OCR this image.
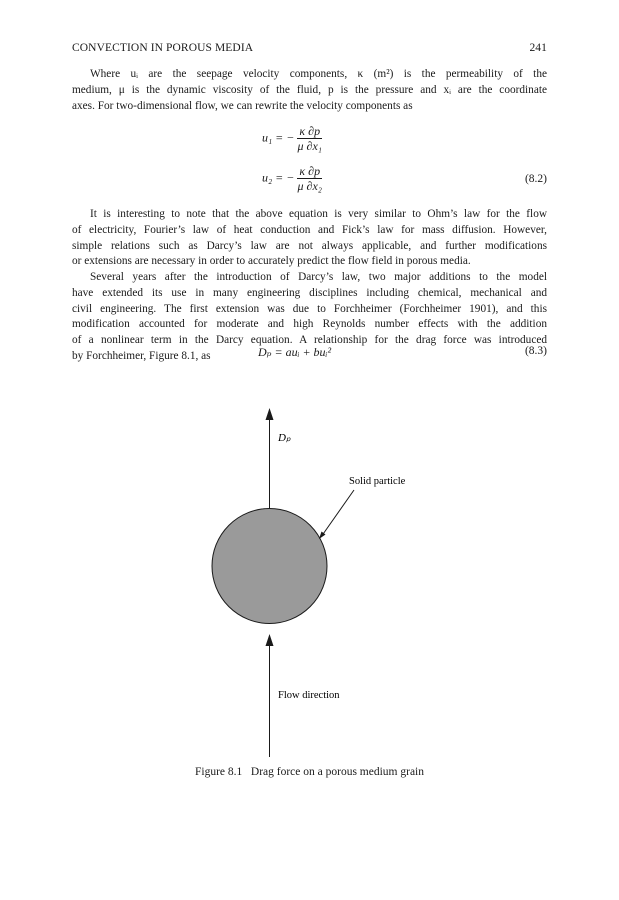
CONVECTION IN POROUS MEDIA	241
Where uᵢ are the seepage velocity components, κ (m²) is the permeability of the
medium, μ is the dynamic viscosity of the fluid, p is the pressure and xᵢ are the coordinate
axes. For two-dimensional flow, we can rewrite the velocity components as
u₁ = − $\frac{\kappa \partial p}{\text{μ ∂x₁}}$
u₂ = − $\frac{\kappa \partial p}{\text{μ ∂x₂}}$	(8.2)
It is interesting to note that the above equation is very similar to Ohm’s law for the flow
of electricity, Fourier’s law of heat conduction and Fick’s law for mass diffusion. However,
simple relations such as Darcy’s law are not always applicable, and further modifications
or extensions are necessary in order to accurately predict the flow field in porous media.
Several years after the introduction of Darcy’s law, two major additions to the model
have extended its use in many engineering disciplines including chemical, mechanical and
civil engineering. The first extension was due to Forchheimer (Forchheimer 1901), and this
modification accounted for moderate and high Reynolds number effects with the addition
of a nonlinear term in the Darcy equation. A relationship for the drag force was introduced
by Forchheimer, Figure 8.1, as	Dₚ = auᵢ + buᵢ²	(8.3)
Dₚ
Solid particle
Flow direction
Figure 8.1 Drag force on a porous medium grain
